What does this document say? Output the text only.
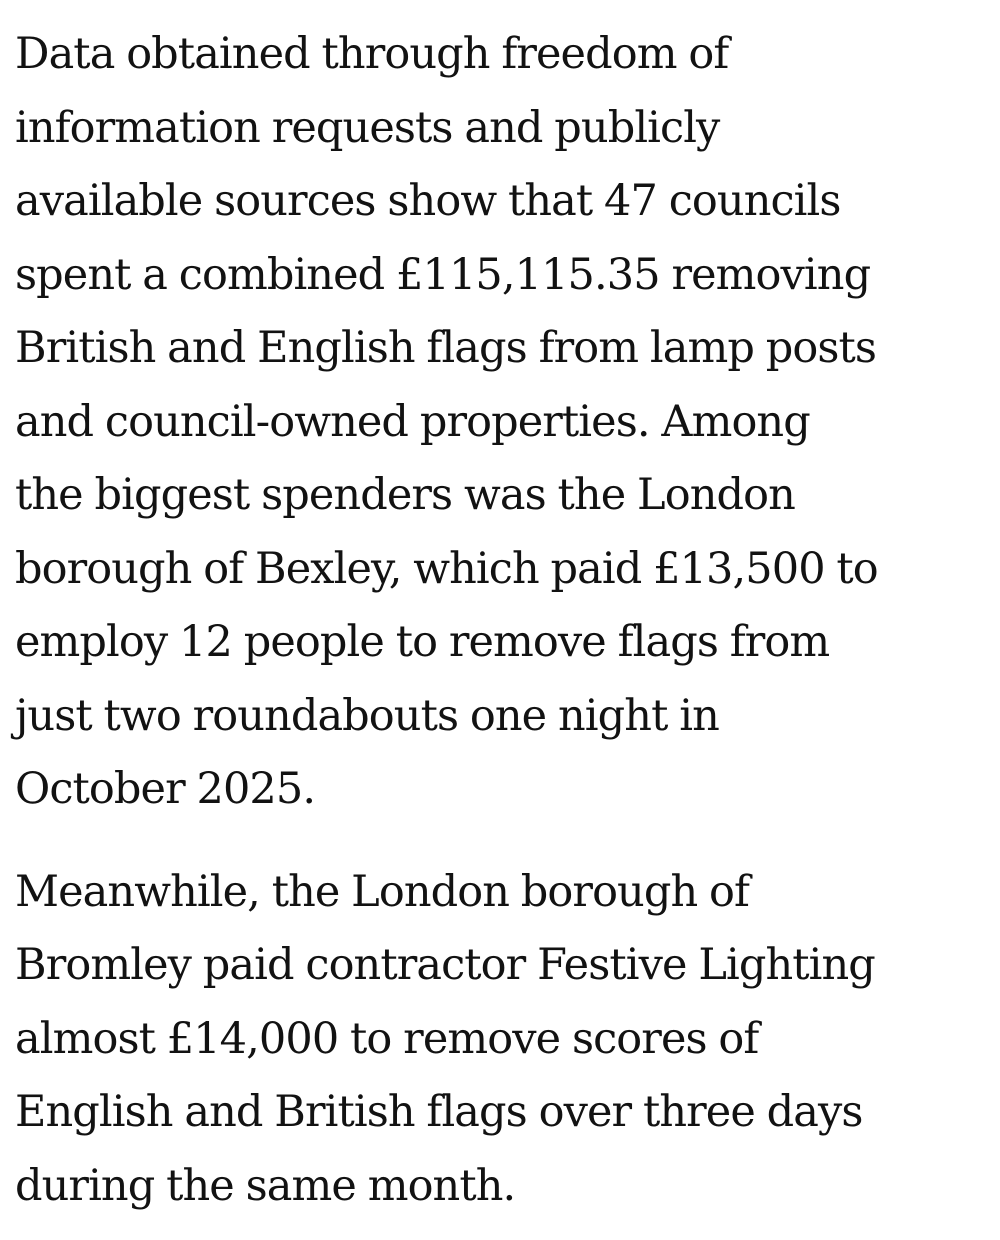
Data obtained through freedom of
information requests and publicly
available sources show that 47 councils
spent a combined £115,115.35 removing
British and English flags from lamp posts
and council-owned properties. Among
the biggest spenders was the London
borough of Bexley, which paid £13,500 to
employ 12 people to remove flags from
just two roundabouts one night in
October 2025.

Meanwhile, the London borough of
Bromley paid contractor Festive Lighting
almost £14,000 to remove scores of
English and British flags over three days
during the same month.
